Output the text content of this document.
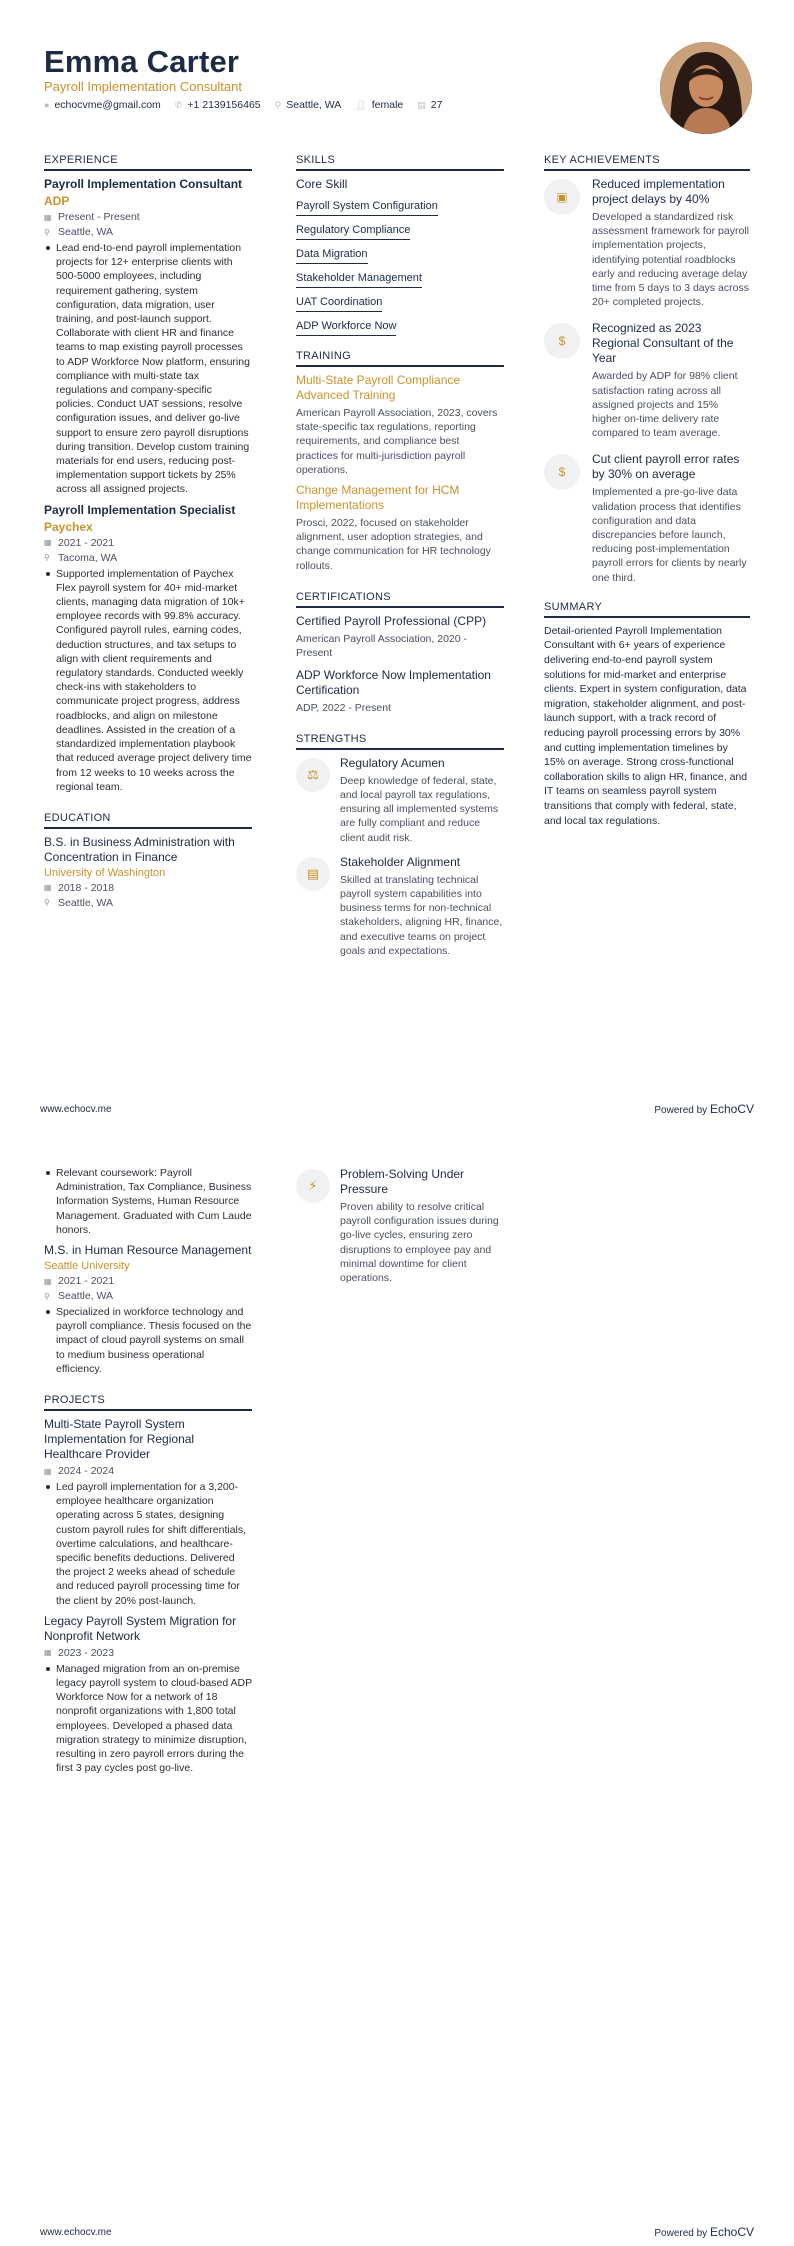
Emma Carter
Payroll Implementation Consultant
● echocvme@gmail.com ✆ +1 2139156465 ⚲ Seattle, WA 👤︎ female ▤ 27
EXPERIENCE
Payroll Implementation Consultant
ADP
▦ Present - Present
⚲ Seattle, WA
Lead end-to-end payroll implementation projects for 12+ enterprise clients with 500-5000 employees, including requirement gathering, system configuration, data migration, user training, and post-launch support. Collaborate with client HR and finance teams to map existing payroll processes to ADP Workforce Now platform, ensuring compliance with multi-state tax regulations and company-specific policies. Conduct UAT sessions, resolve configuration issues, and deliver go-live support to ensure zero payroll disruptions during transition. Develop custom training materials for end users, reducing post-implementation support tickets by 25% across all assigned projects.
Payroll Implementation Specialist
Paychex
▦ 2021 - 2021
⚲ Tacoma, WA
Supported implementation of Paychex Flex payroll system for 40+ mid-market clients, managing data migration of 10k+ employee records with 99.8% accuracy. Configured payroll rules, earning codes, deduction structures, and tax setups to align with client requirements and regulatory standards. Conducted weekly check-ins with stakeholders to communicate project progress, address roadblocks, and align on milestone deadlines. Assisted in the creation of a standardized implementation playbook that reduced average project delivery time from 12 weeks to 10 weeks across the regional team.
EDUCATION
B.S. in Business Administration with Concentration in Finance
University of Washington
▦ 2018 - 2018
⚲ Seattle, WA
SKILLS
Core Skill
Payroll System Configuration
Regulatory Compliance
Data Migration
Stakeholder Management
UAT Coordination
ADP Workforce Now
TRAINING
Multi-State Payroll Compliance Advanced Training
American Payroll Association, 2023, covers state-specific tax regulations, reporting requirements, and compliance best practices for multi-jurisdiction payroll operations.
Change Management for HCM Implementations
Prosci, 2022, focused on stakeholder alignment, user adoption strategies, and change communication for HR technology rollouts.
CERTIFICATIONS
Certified Payroll Professional (CPP)
American Payroll Association, 2020 - Present
ADP Workforce Now Implementation Certification
ADP, 2022 - Present
STRENGTHS
⚖
Regulatory Acumen
Deep knowledge of federal, state, and local payroll tax regulations, ensuring all implemented systems are fully compliant and reduce client audit risk.
▤
Stakeholder Alignment
Skilled at translating technical payroll system capabilities into business terms for non-technical stakeholders, aligning HR, finance, and executive teams on project goals and expectations.
KEY ACHIEVEMENTS
▣
Reduced implementation project delays by 40%
Developed a standardized risk assessment framework for payroll implementation projects, identifying potential roadblocks early and reducing average delay time from 5 days to 3 days across 20+ completed projects.
$
Recognized as 2023 Regional Consultant of the Year
Awarded by ADP for 98% client satisfaction rating across all assigned projects and 15% higher on-time delivery rate compared to team average.
$
Cut client payroll error rates by 30% on average
Implemented a pre-go-live data validation process that identifies configuration and data discrepancies before launch, reducing post-implementation payroll errors for clients by nearly one third.
SUMMARY
Detail-oriented Payroll Implementation Consultant with 6+ years of experience delivering end-to-end payroll system solutions for mid-market and enterprise clients. Expert in system configuration, data migration, stakeholder alignment, and post-launch support, with a track record of reducing payroll processing errors by 30% and cutting implementation timelines by 15% on average. Strong cross-functional collaboration skills to align HR, finance, and IT teams on seamless payroll system transitions that comply with federal, state, and local tax regulations.
www.echocv.me	Powered by EchoCV
Relevant coursework: Payroll Administration, Tax Compliance, Business Information Systems, Human Resource Management. Graduated with Cum Laude honors.
M.S. in Human Resource Management
Seattle University
▦ 2021 - 2021
⚲ Seattle, WA
Specialized in workforce technology and payroll compliance. Thesis focused on the impact of cloud payroll systems on small to medium business operational efficiency.
PROJECTS
Multi-State Payroll System Implementation for Regional Healthcare Provider
▦ 2024 - 2024
Led payroll implementation for a 3,200-employee healthcare organization operating across 5 states, designing custom payroll rules for shift differentials, overtime calculations, and healthcare-specific benefits deductions. Delivered the project 2 weeks ahead of schedule and reduced payroll processing time for the client by 20% post-launch.
Legacy Payroll System Migration for Nonprofit Network
▦ 2023 - 2023
Managed migration from an on-premise legacy payroll system to cloud-based ADP Workforce Now for a network of 18 nonprofit organizations with 1,800 total employees. Developed a phased data migration strategy to minimize disruption, resulting in zero payroll errors during the first 3 pay cycles post go-live.
⚡︎
Problem-Solving Under Pressure
Proven ability to resolve critical payroll configuration issues during go-live cycles, ensuring zero disruptions to employee pay and minimal downtime for client operations.
www.echocv.me	Powered by EchoCV
